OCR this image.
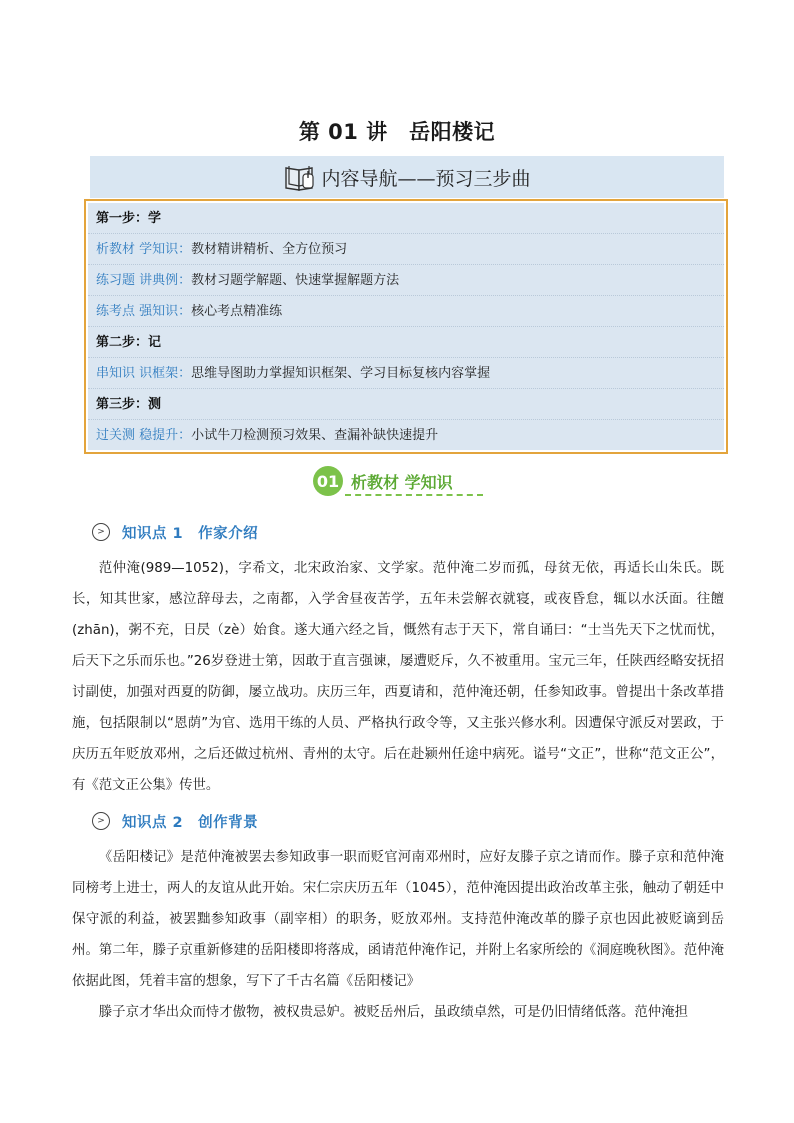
第 01 讲　岳阳楼记
内容导航——预习三步曲
第一步：学
析教材 学知识：教材精讲精析、全方位预习
练习题 讲典例：教材习题学解题、快速掌握解题方法
练考点 强知识：核心考点精准练
第二步：记
串知识 识框架：思维导图助力掌握知识框架、学习目标复核内容掌握
第三步：测
过关测 稳提升：小试牛刀检测预习效果、查漏补缺快速提升
01 析教材 学知识
>	知识点 1　作家介绍

范仲淹(989—1052)，字希文，北宋政治家、文学家。范仲淹二岁而孤，母贫无依，再适长山朱氏。既长，知其世家，感泣辞母去，之南都，入学舍昼夜苦学，五年未尝解衣就寝，或夜昏怠，辄以水沃面。往饘(zhān)，粥不充，日昃（zè）始食。遂大通六经之旨，慨然有志于天下，常自诵曰：“士当先天下之忧而忧，后天下之乐而乐也。”26岁登进士第，因敢于直言强谏，屡遭贬斥，久不被重用。宝元三年，任陕西经略安抚招讨副使，加强对西夏的防御，屡立战功。庆历三年，西夏请和，范仲淹还朝，任参知政事。曾提出十条改革措施，包括限制以“恩荫”为官、选用干练的人员、严格执行政令等，又主张兴修水利。因遭保守派反对罢政，于庆历五年贬放邓州，之后还做过杭州、青州的太守。后在赴颍州任途中病死。谥号“文正”，世称“范文正公”，有《范文正公集》传世。

>	知识点 2　创作背景

《岳阳楼记》是范仲淹被罢去参知政事一职而贬官河南邓州时，应好友滕子京之请而作。滕子京和范仲淹同榜考上进士，两人的友谊从此开始。宋仁宗庆历五年（1045），范仲淹因提出政治改革主张，触动了朝廷中保守派的利益，被罢黜参知政事（副宰相）的职务，贬放邓州。支持范仲淹改革的滕子京也因此被贬谪到岳州。第二年，滕子京重新修建的岳阳楼即将落成，函请范仲淹作记，并附上名家所绘的《洞庭晚秋图》。范仲淹依据此图，凭着丰富的想象，写下了千古名篇《岳阳楼记》

滕子京才华出众而恃才傲物，被权贵忌妒。被贬岳州后，虽政绩卓然，可是仍旧情绪低落。范仲淹担
